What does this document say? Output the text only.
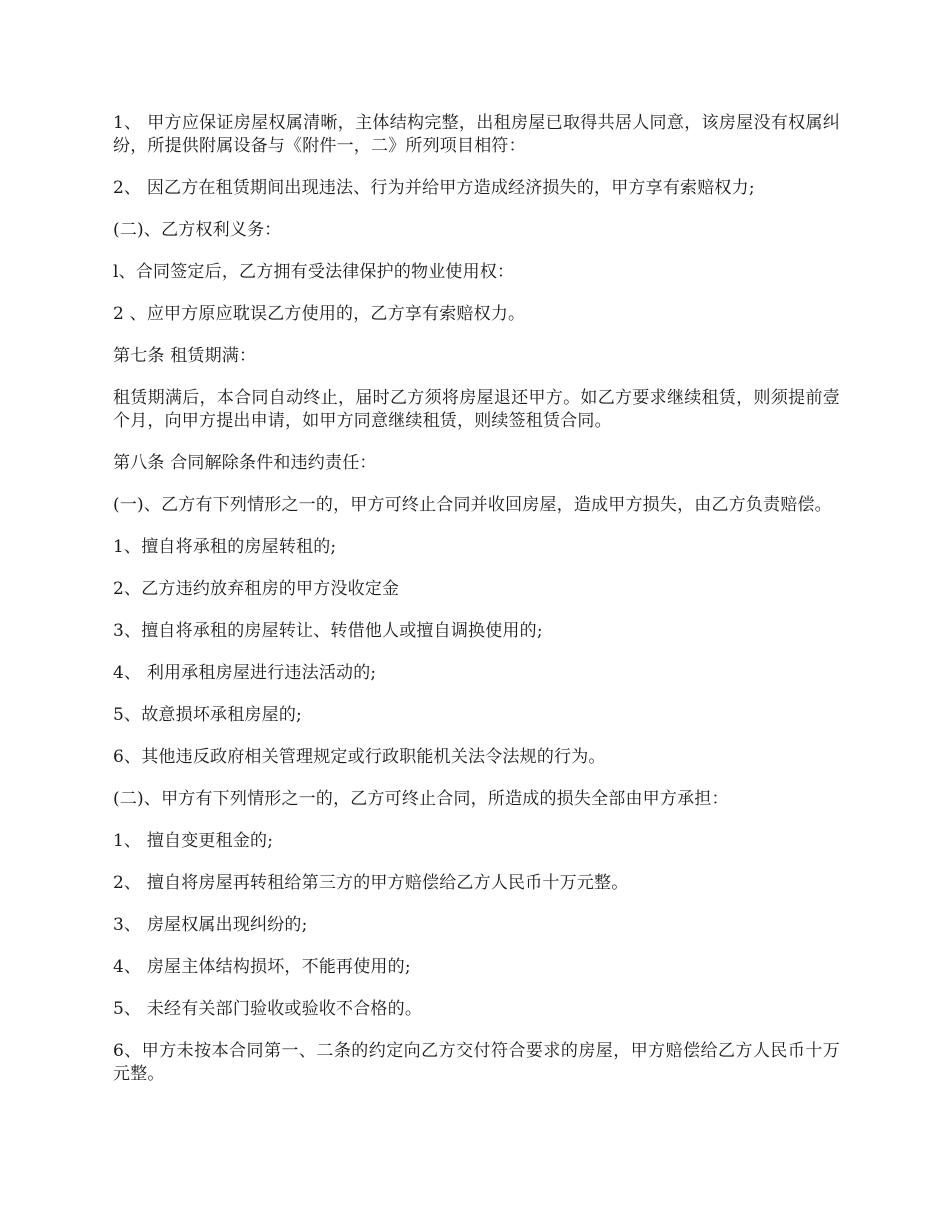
1、 甲方应保证房屋权属清晰，主体结构完整，出租房屋已取得共居人同意，该房屋没有权属纠纷，所提供附属设备与《附件一，二》所列项目相符：

2、 因乙方在租赁期间出现违法、行为并给甲方造成经济损失的，甲方享有索赔权力;

(二)、乙方权利义务：

l、合同签定后，乙方拥有受法律保护的物业使用权：

2 、应甲方原应耽误乙方使用的，乙方享有索赔权力。

第七条 租赁期满：

租赁期满后，本合同自动终止，届时乙方须将房屋退还甲方。如乙方要求继续租赁，则须提前壹个月，向甲方提出申请，如甲方同意继续租赁，则续签租赁合同。

第八条 合同解除条件和违约责任：

(一)、乙方有下列情形之一的，甲方可终止合同并收回房屋，造成甲方损失，由乙方负责赔偿。

1、擅自将承租的房屋转租的;

2、乙方违约放弃租房的甲方没收定金

3、擅自将承租的房屋转让、转借他人或擅自调换使用的;

4、 利用承租房屋进行违法活动的;

5、故意损坏承租房屋的;

6、其他违反政府相关管理规定或行政职能机关法令法规的行为。

(二)、甲方有下列情形之一的，乙方可终止合同，所造成的损失全部由甲方承担：

1、 擅自变更租金的;

2、 擅自将房屋再转租给第三方的甲方赔偿给乙方人民币十万元整。

3、 房屋权属出现纠纷的;

4、 房屋主体结构损坏，不能再使用的;

5、 未经有关部门验收或验收不合格的。

6、甲方未按本合同第一、二条的约定向乙方交付符合要求的房屋，甲方赔偿给乙方人民币十万元整。
